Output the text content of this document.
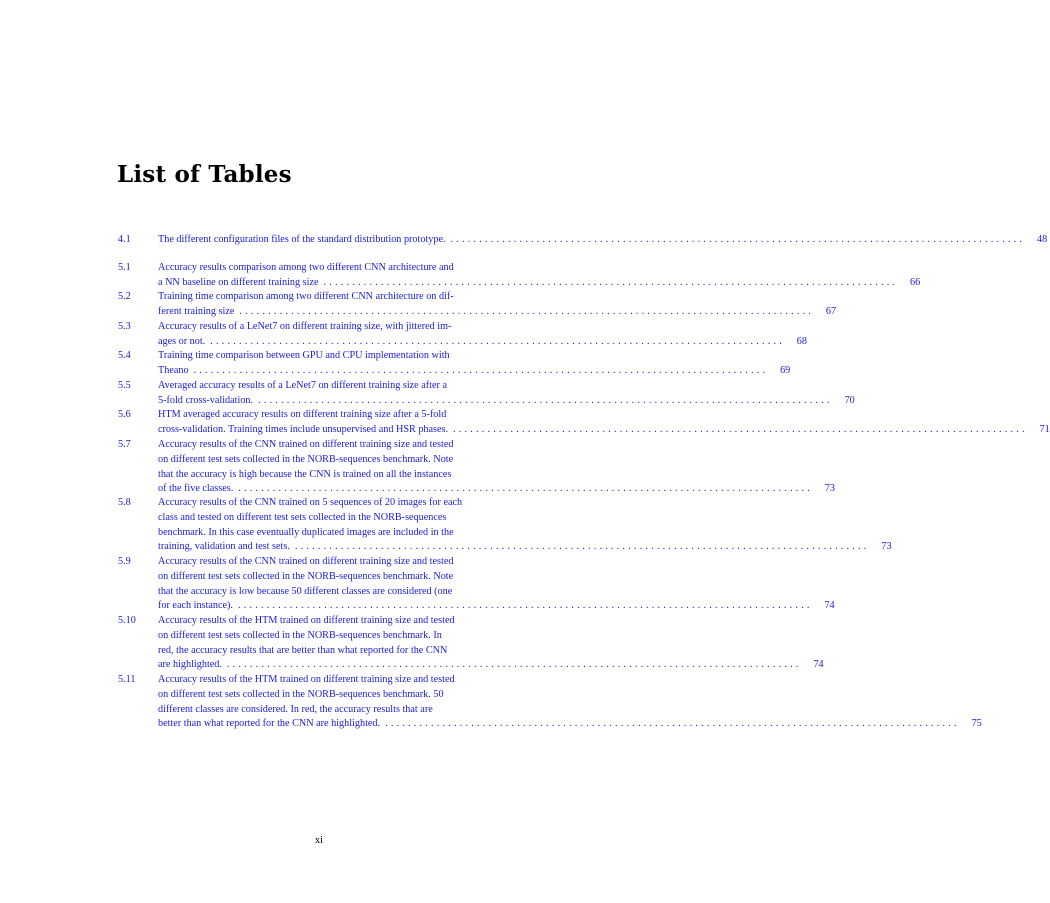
List of Tables
4.1	The different configuration files of the standard distribution prototype. ....................................................................................................	48
5.1	Accuracy results comparison among two different CNN architecture and
a NN baseline on different training size ....................................................................................................	66
5.2	Training time comparison among two different CNN architecture on dif-
ferent training size ....................................................................................................	67
5.3	Accuracy results of a LeNet7 on different training size, with jittered im-
ages or not. ....................................................................................................	68
5.4	Training time comparison between GPU and CPU implementation with
Theano ....................................................................................................	69
5.5	Averaged accuracy results of a LeNet7 on different training size after a
5-fold cross-validation. ....................................................................................................	70
5.6	HTM averaged accuracy results on different training size after a 5-fold
cross-validation. Training times include unsupervised and HSR phases. ....................................................................................................	71
5.7	Accuracy results of the CNN trained on different training size and tested
on different test sets collected in the NORB-sequences benchmark. Note
that the accuracy is high because the CNN is trained on all the instances
of the five classes. ....................................................................................................	73
5.8	Accuracy results of the CNN trained on 5 sequences of 20 images for each
class and tested on different test sets collected in the NORB-sequences
benchmark. In this case eventually duplicated images are included in the
training, validation and test sets. ....................................................................................................	73
5.9	Accuracy results of the CNN trained on different training size and tested
on different test sets collected in the NORB-sequences benchmark. Note
that the accuracy is low because 50 different classes are considered (one
for each instance). ....................................................................................................	74
5.10	Accuracy results of the HTM trained on different training size and tested
on different test sets collected in the NORB-sequences benchmark. In
red, the accuracy results that are better than what reported for the CNN
are highlighted. ....................................................................................................	74
5.11	Accuracy results of the HTM trained on different training size and tested
on different test sets collected in the NORB-sequences benchmark. 50
different classes are considered. In red, the accuracy results that are
better than what reported for the CNN are highlighted. ....................................................................................................	75
xi
